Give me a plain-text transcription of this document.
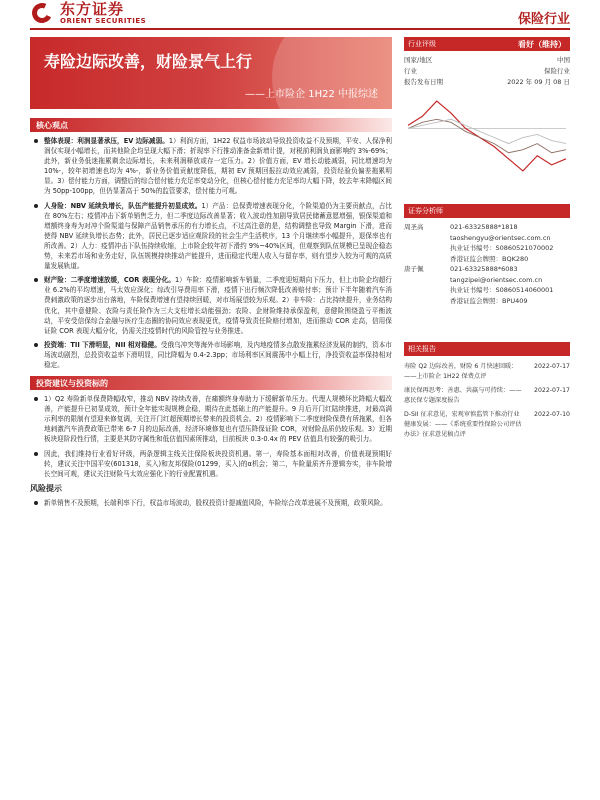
东方证券
ORIENT SECURITIES	保险行业
寿险边际改善，财险景气上行
——上市险企 1H22 中报综述
行业评级	看好（维持）
国家/地区	中国
行业	保险行业
报告发布日期	2022 年 09 月 08 日
证券分析师
周圣高	021-63325888*1818
taoshengyu@orientsec.com.cn
执业证书编号：S0860521070002
香港证监会牌照：BQK280
唐子佩	021-63325888*6083
tangzipei@orientsec.com.cn
执业证书编号：S0860514060001
香港证监会牌照：BPU409
相关报告
寿险 Q2 边际改善，财险 6 月快速回暖：——上市险企 1H22 保费点评
2022-07-17
康民保再思考：善惠、共赢与可持续：——惠民保专题深度报告
2022-07-17
D-SII 征求意见，宏观审慎监管下推动行业健康发展：——《系统重要性保险公司评估办法》征求意见稿点评
2022-07-10
核心观点
整体表现：利润显著承压，EV 边际减弱。1）利润方面，1H22 权益市场波动导致投资收益不及预期，平安、人保净利润仅实现小幅增长，而其他险企均呈现大幅下滑；折现率下行推动准备金新增计提，对税前利润负面影响约 3%-69%；此外，新业务低迷拖累剩余边际增长，未来利润释放或存一定压力。2）价值方面，EV 增长动能减弱，同比增速均为 10%-，较年初增速也均为 4%-，新业务价值贡献度降低，期初 EV 预期回报拉动效应减弱，投资经验负偏差拖累明显。3）偿付能力方面，调整后的综合偿付能力充足率变动分化，但核心偿付能力充足率均大幅下降，较去年末降幅区间为 50pp-100pp，但仍显著高于 50%的监管要求，偿付能力可观。
人身险：NBV 延续负增长，队伍产能提升初显成效。1）产品：总保费增速表现分化，个险渠道仍为主要贡献点，占比在 80%左右；疫情冲击下新单销售乏力，但二季度边际改善显著；收入波动性加剧导致居民储蓄意愿增强，银保渠道和增额终身寿为对冲个险渠道与保障产品销售承压的有力增长点，不过高注意的是，结构调整也导致 Margin 下滑，进而使得 NBV 延续负增长态势；此外，居民已逐步适应观阶段的社会生产生活秩序，13 个月继续率小幅提升，退保率也有所改善。2）人力：疫情冲击下队伍持续收缩，上市险企较年初下滑约 9%~40%区间，但观察到队伍规模已呈现企稳态势，未来若市场和业务走好，队伍规模持续推动产能提升，进而稳定代理人收入与留存率，则有望步入较为可观的高质量发展轨道。
财产险：二季度增速放缓，COR 表现分化。1）车险：疫情影响新车销量，二季度迎短期向下压力，但上市险企均超行业 6.2%的平均增速，马太效应深化；综改引导费用率下滑，疫情下出行频次降低改善赔付率；预计下半年随着汽车消费刺激政策的逐步出台落地，车险保费增速有望持续回暖，对市场展望较为乐观。2）非车险：占比持续提升，业务结构优化，其中意健险、农险与责任险作为三大支柱增长动能强劲；农险、企财险维持承保盈利，意健险围绕盈亏平衡波动，平安受信保综合金融与医疗生态圈的协同效应表现更优，疫情导致责任险赔付增加，进而推动 COR 走高，信用保证险 COR 表现大幅分化，仍需关注疫情时代的风险管控与业务推进。
投资端：TII 下滑明显，NII 相对稳健。受俄乌冲突等海外市场影响，及内地疫情多点散发拖累经济发展的制约，资本市场波动剧烈，总投资收益率下滑明显，同比降幅为 0.4-2.3pp；市场利率区间震荡中小幅上行，净投资收益率保持相对稳定。
投资建议与投资标的
1）Q2 寿险新单保费降幅收窄，推动 NBV 持续改善，在痛额终身寿助力下缓解新单压力。代理人规模环比降幅大幅改善，产能提升已初显成效，预计全年能实现规模企稳，期待在此基础上的产能提升。9 月后开门红陆续推进，对最高满示利率的限制有望迎来修复调，关注开门红超预期增长带来的投资机会。2）疫情影响下二季度财险保费有所拖累，但各地刺激汽车消费政策已带来 6-7 月的边际改善，经济环境修复也有望压降保证险 COR，对财险品质仍较乐观。3）近期板块迎阶段性行情，主要是其防守属性和低估值因素所推动，目前板块 0.3-0.4x 的 PEV 估值具有较强的吸引力。
因此，我们维持行业看好评级，两条逻辑主线关注保险板块投资机遇。第一，寿险基本面相对改善，价值表现预期好转，建议关注中国平安(601318，买入)和友邦保险(01299，买入)的α机会；第二，车险量质齐升逻辑夯实，非车险增长空间可观，建议关注财险马太效应强化下的行业配置机遇。
风险提示
新单销售不及预期，长端利率下行，权益市场波动，股权投资计提减值风险，车险综合改革进展不及预期，政策风险。
